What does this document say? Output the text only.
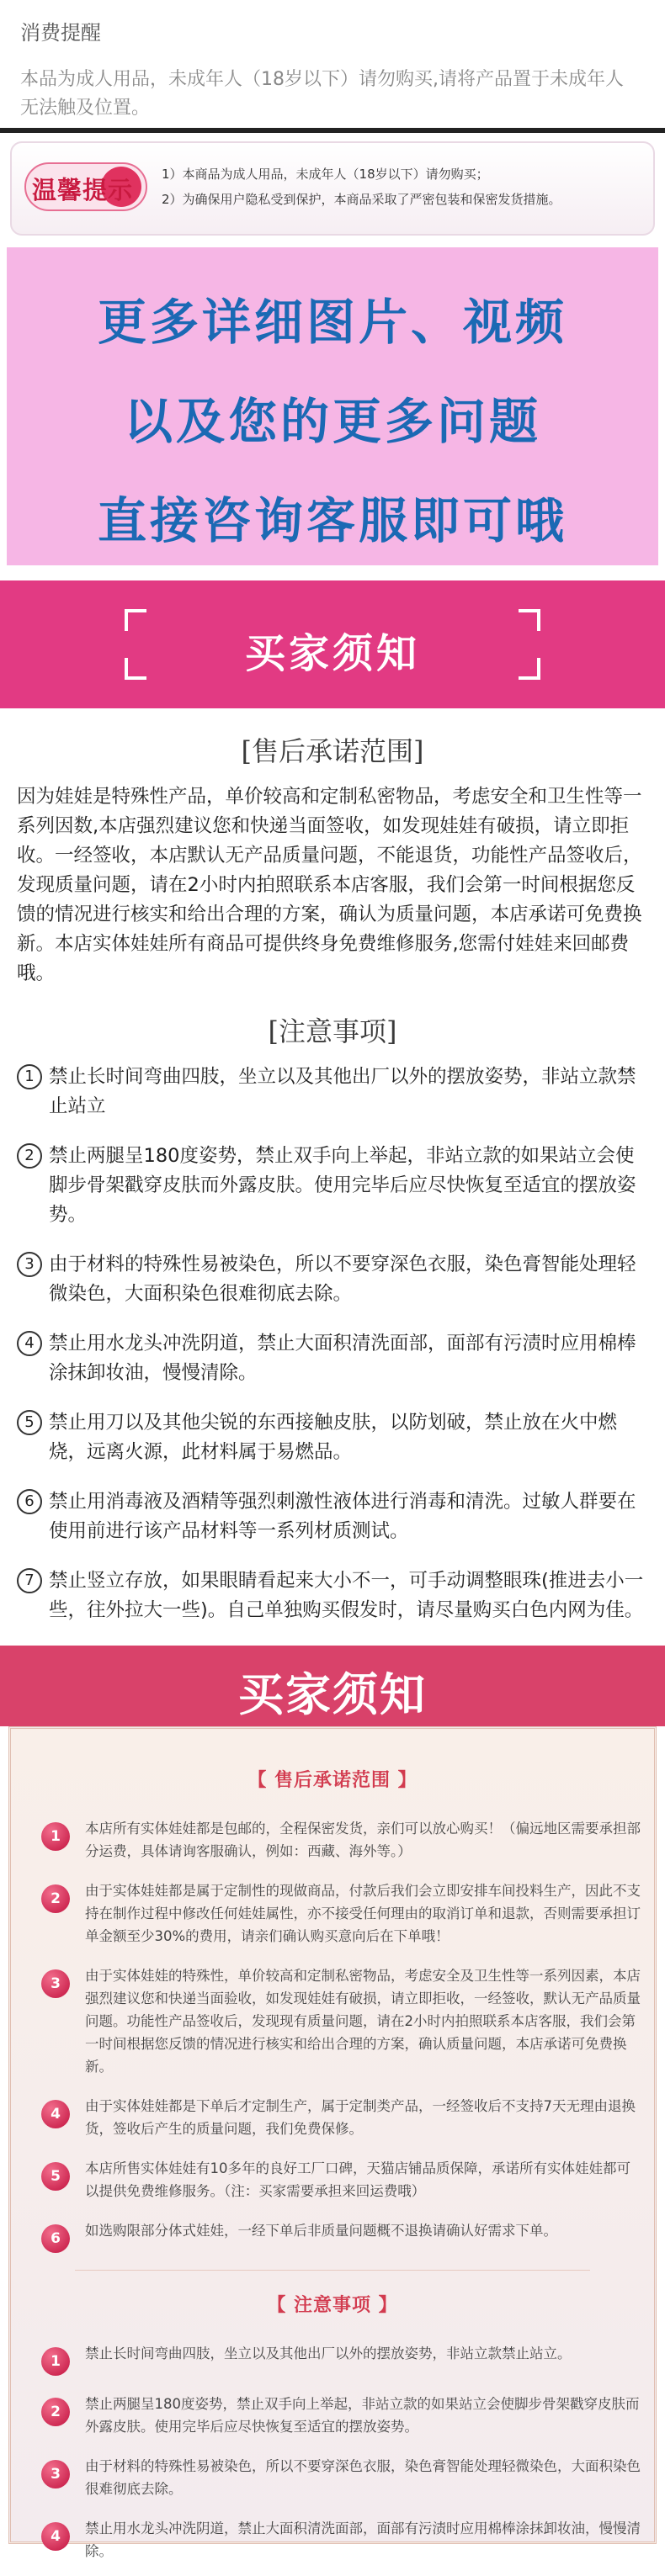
消费提醒
本品为成人用品，未成年人（18岁以下）请勿购买,请将产品置于未成年人无法触及位置。
温馨提示
1）本商品为成人用品，未成年人（18岁以下）请勿购买；
2）为确保用户隐私受到保护，本商品采取了严密包装和保密发货措施。
更多详细图片、视频
以及您的更多问题
直接咨询客服即可哦
买家须知
[售后承诺范围]
因为娃娃是特殊性产品，单价较高和定制私密物品，考虑安全和卫生性等一系列因数,本店强烈建议您和快递当面签收，如发现娃娃有破损，请立即拒收。一经签收，本店默认无产品质量问题，不能退货，功能性产品签收后，发现质量问题，请在2小时内拍照联系本店客服，我们会第一时间根据您反馈的情况进行核实和给出合理的方案，确认为质量问题，本店承诺可免费换新。本店实体娃娃所有商品可提供终身免费维修服务,您需付娃娃来回邮费哦。
[注意事项]
1 禁止长时间弯曲四肢，坐立以及其他出厂以外的摆放姿势，非站立款禁止站立
2 禁止两腿呈180度姿势，禁止双手向上举起，非站立款的如果站立会使脚步骨架戳穿皮肤而外露皮肤。使用完毕后应尽快恢复至适宜的摆放姿势。
3 由于材料的特殊性易被染色，所以不要穿深色衣服，染色膏智能处理轻微染色，大面积染色很难彻底去除。
4 禁止用水龙头冲洗阴道，禁止大面积清洗面部，面部有污渍时应用棉棒涂抹卸妆油，慢慢清除。
5 禁止用刀以及其他尖锐的东西接触皮肤，以防划破，禁止放在火中燃烧，远离火源，此材料属于易燃品。
6 禁止用消毒液及酒精等强烈刺激性液体进行消毒和清洗。过敏人群要在使用前进行该产品材料等一系列材质测试。
7 禁止竖立存放，如果眼睛看起来大小不一，可手动调整眼珠(推进去小一些，往外拉大一些)。自己单独购买假发时，请尽量购买白色内网为佳。
买家须知
【 售后承诺范围 】
1	本店所有实体娃娃都是包邮的，全程保密发货，亲们可以放心购买！（偏远地区需要承担部分运费，具体请询客服确认，例如：西藏、海外等。）
2	由于实体娃娃都是属于定制性的现做商品，付款后我们会立即安排车间投料生产，因此不支持在制作过程中修改任何娃娃属性，亦不接受任何理由的取消订单和退款，否则需要承担订单金额至少30%的费用，请亲们确认购买意向后在下单哦！
3	由于实体娃娃的特殊性，单价较高和定制私密物品，考虑安全及卫生性等一系列因素，本店强烈建议您和快递当面验收，如发现娃娃有破损，请立即拒收，一经签收，默认无产品质量问题。功能性产品签收后，发现现有质量问题，请在2小时内拍照联系本店客服，我们会第一时间根据您反馈的情况进行核实和给出合理的方案，确认质量问题，本店承诺可免费换新。
4	由于实体娃娃都是下单后才定制生产，属于定制类产品，一经签收后不支持7天无理由退换货，签收后产生的质量问题，我们免费保修。
5	本店所售实体娃娃有10多年的良好工厂口碑，天猫店铺品质保障，承诺所有实体娃娃都可以提供免费维修服务。（注：买家需要承担来回运费哦）
6	如选购限部分体式娃娃，一经下单后非质量问题概不退换请确认好需求下单。
【 注意事项 】
1	禁止长时间弯曲四肢，坐立以及其他出厂以外的摆放姿势，非站立款禁止站立。
2	禁止两腿呈180度姿势，禁止双手向上举起，非站立款的如果站立会使脚步骨架戳穿皮肤而外露皮肤。使用完毕后应尽快恢复至适宜的摆放姿势。
3	由于材料的特殊性易被染色，所以不要穿深色衣服，染色膏智能处理轻微染色，大面积染色很难彻底去除。
4	禁止用水龙头冲洗阴道，禁止大面积清洗面部，面部有污渍时应用棉棒涂抹卸妆油，慢慢清除。
